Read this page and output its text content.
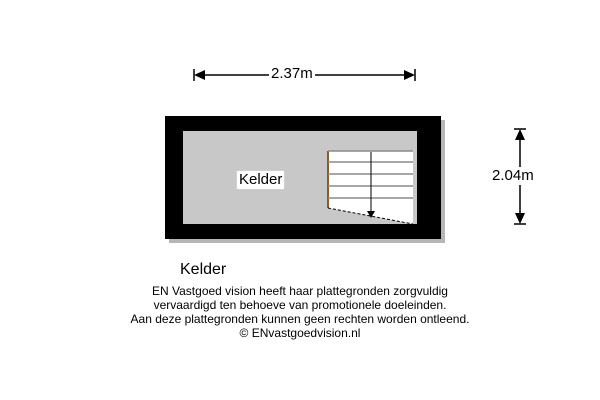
2.37m
2.04m
Kelder
Kelder
EN Vastgoed vision heeft haar plattegronden zorgvuldig
vervaardigd ten behoeve van promotionele doeleinden.
Aan deze plattegronden kunnen geen rechten worden ontleend.
© ENvastgoedvision.nl
